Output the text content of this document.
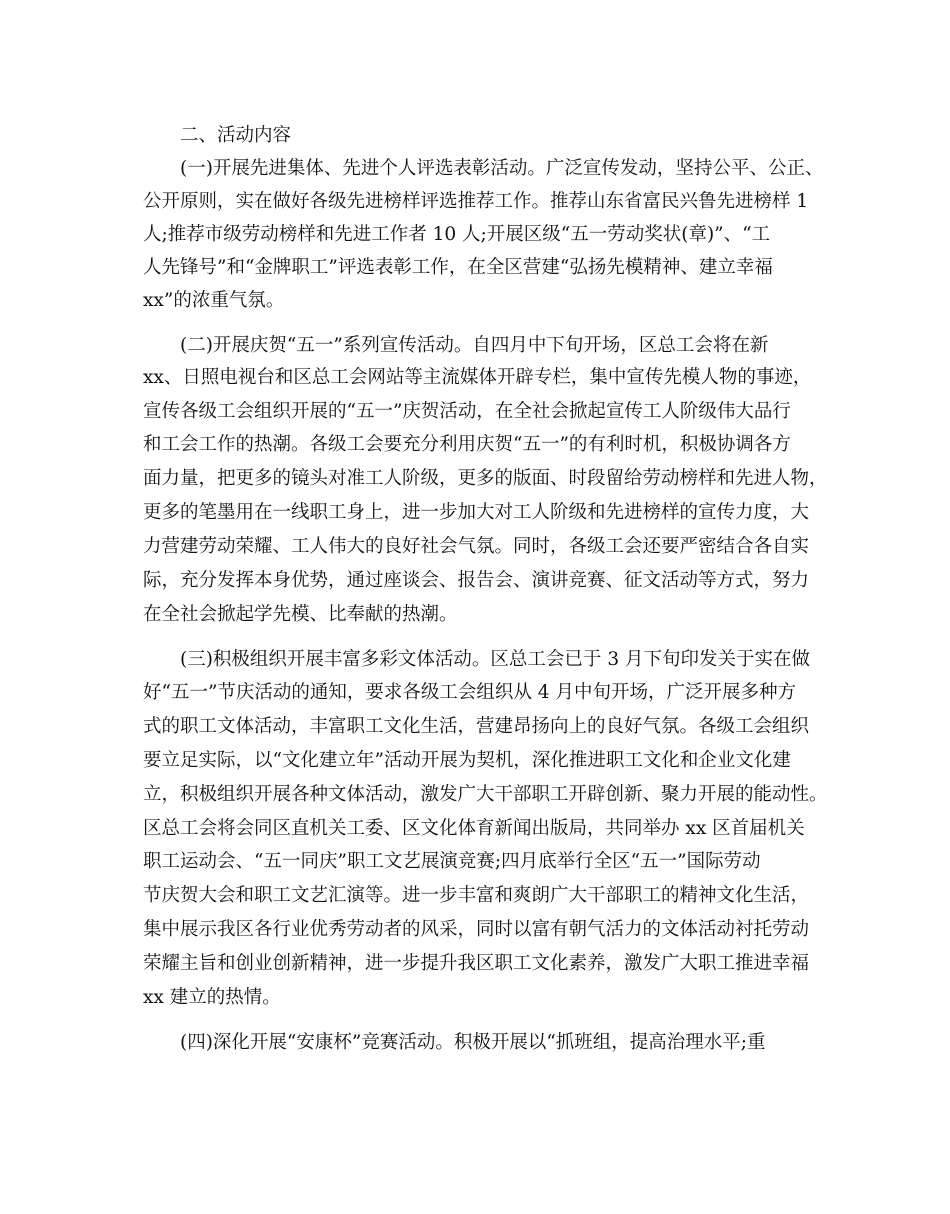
二、活动内容
(一)开展先进集体、先进个人评选表彰活动。广泛宣传发动，坚持公平、公正、
公开原则，实在做好各级先进榜样评选推荐工作。推荐山东省富民兴鲁先进榜样 1
人;推荐市级劳动榜样和先进工作者 10 人;开展区级“五一劳动奖状(章)”、“工
人先锋号”和“金牌职工”评选表彰工作，在全区营建“弘扬先模精神、建立幸福
xx”的浓重气氛。
(二)开展庆贺“五一”系列宣传活动。自四月中下旬开场，区总工会将在新
xx、日照电视台和区总工会网站等主流媒体开辟专栏，集中宣传先模人物的事迹，
宣传各级工会组织开展的“五一”庆贺活动，在全社会掀起宣传工人阶级伟大品行
和工会工作的热潮。各级工会要充分利用庆贺“五一”的有利时机，积极协调各方
面力量，把更多的镜头对准工人阶级，更多的版面、时段留给劳动榜样和先进人物，
更多的笔墨用在一线职工身上，进一步加大对工人阶级和先进榜样的宣传力度，大
力营建劳动荣耀、工人伟大的良好社会气氛。同时，各级工会还要严密结合各自实
际，充分发挥本身优势，通过座谈会、报告会、演讲竞赛、征文活动等方式，努力
在全社会掀起学先模、比奉献的热潮。
(三)积极组织开展丰富多彩文体活动。区总工会已于 3 月下旬印发关于实在做
好“五一”节庆活动的通知，要求各级工会组织从 4 月中旬开场，广泛开展多种方
式的职工文体活动，丰富职工文化生活，营建昂扬向上的良好气氛。各级工会组织
要立足实际，以“文化建立年”活动开展为契机，深化推进职工文化和企业文化建
立，积极组织开展各种文体活动，激发广大干部职工开辟创新、聚力开展的能动性。
区总工会将会同区直机关工委、区文化体育新闻出版局，共同举办 xx 区首届机关
职工运动会、“五一同庆”职工文艺展演竞赛;四月底举行全区“五一”国际劳动
节庆贺大会和职工文艺汇演等。进一步丰富和爽朗广大干部职工的精神文化生活，
集中展示我区各行业优秀劳动者的风采，同时以富有朝气活力的文体活动衬托劳动
荣耀主旨和创业创新精神，进一步提升我区职工文化素养，激发广大职工推进幸福
xx 建立的热情。
(四)深化开展“安康杯”竞赛活动。积极开展以“抓班组，提高治理水平;重
